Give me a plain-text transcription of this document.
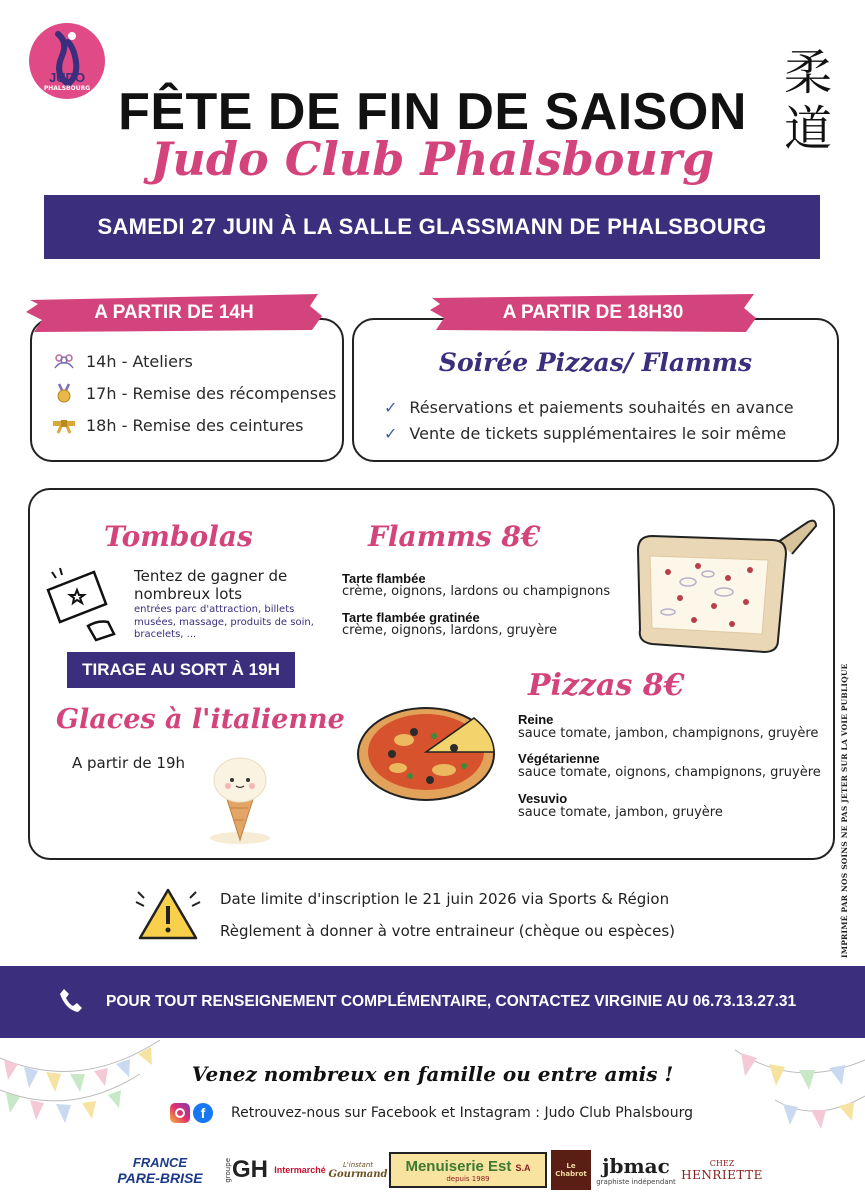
JUDO
PHALSBOURG FÊTE DE FIN DE SAISON
Judo Club Phalsbourg
柔
道
SAMEDI 27 JUIN À LA SALLE GLASSMANN DE PHALSBOURG
14h - Ateliers
17h - Remise des récompenses
18h - Remise des ceintures
A PARTIR DE 14H
Soirée Pizzas/ Flamms
✓ Réservations et paiements souhaités en avance
✓ Vente de tickets supplémentaires le soir même
A PARTIR DE 18H30
Tombolas
Tentez de gagner de nombreux lots
entrées parc d'attraction, billets musées, massage, produits de soin, bracelets, ...
TIRAGE AU SORT À 19H
Glaces à l'italienne
A partir de 19h
Flamms 8€
Tarte flambée
crème, oignons, lardons ou champignons
Tarte flambée gratinée
crème, oignons, lardons, gruyère
Pizzas 8€
Reine
sauce tomate, jambon, champignons, gruyère
Végétarienne
sauce tomate, oignons, champignons, gruyère
Vesuvio
sauce tomate, jambon, gruyère
Date limite d'inscription le 21 juin 2026 via Sports & Région
Règlement à donner à votre entraineur (chèque ou espèces)	IMPRIMÉ PAR NOS SOINS NE PAS JETER SUR LA VOIE PUBLIQUE
POUR TOUT RENSEIGNEMENT COMPLÉMENTAIRE, CONTACTEZ VIRGINIE AU 06.73.13.27.31
Venez nombreux en famille ou entre amis !
f	Retrouvez-nous sur Facebook et Instagram : Judo Club Phalsbourg
FRANCE
PARE-BRISE	groupe GH Intermarché
L'instant
Gourmand Menuiserie Est S.A
depuis 1989
Le Chabrot jbmac
graphiste indépendant
CHEZ
HENRIETTE
